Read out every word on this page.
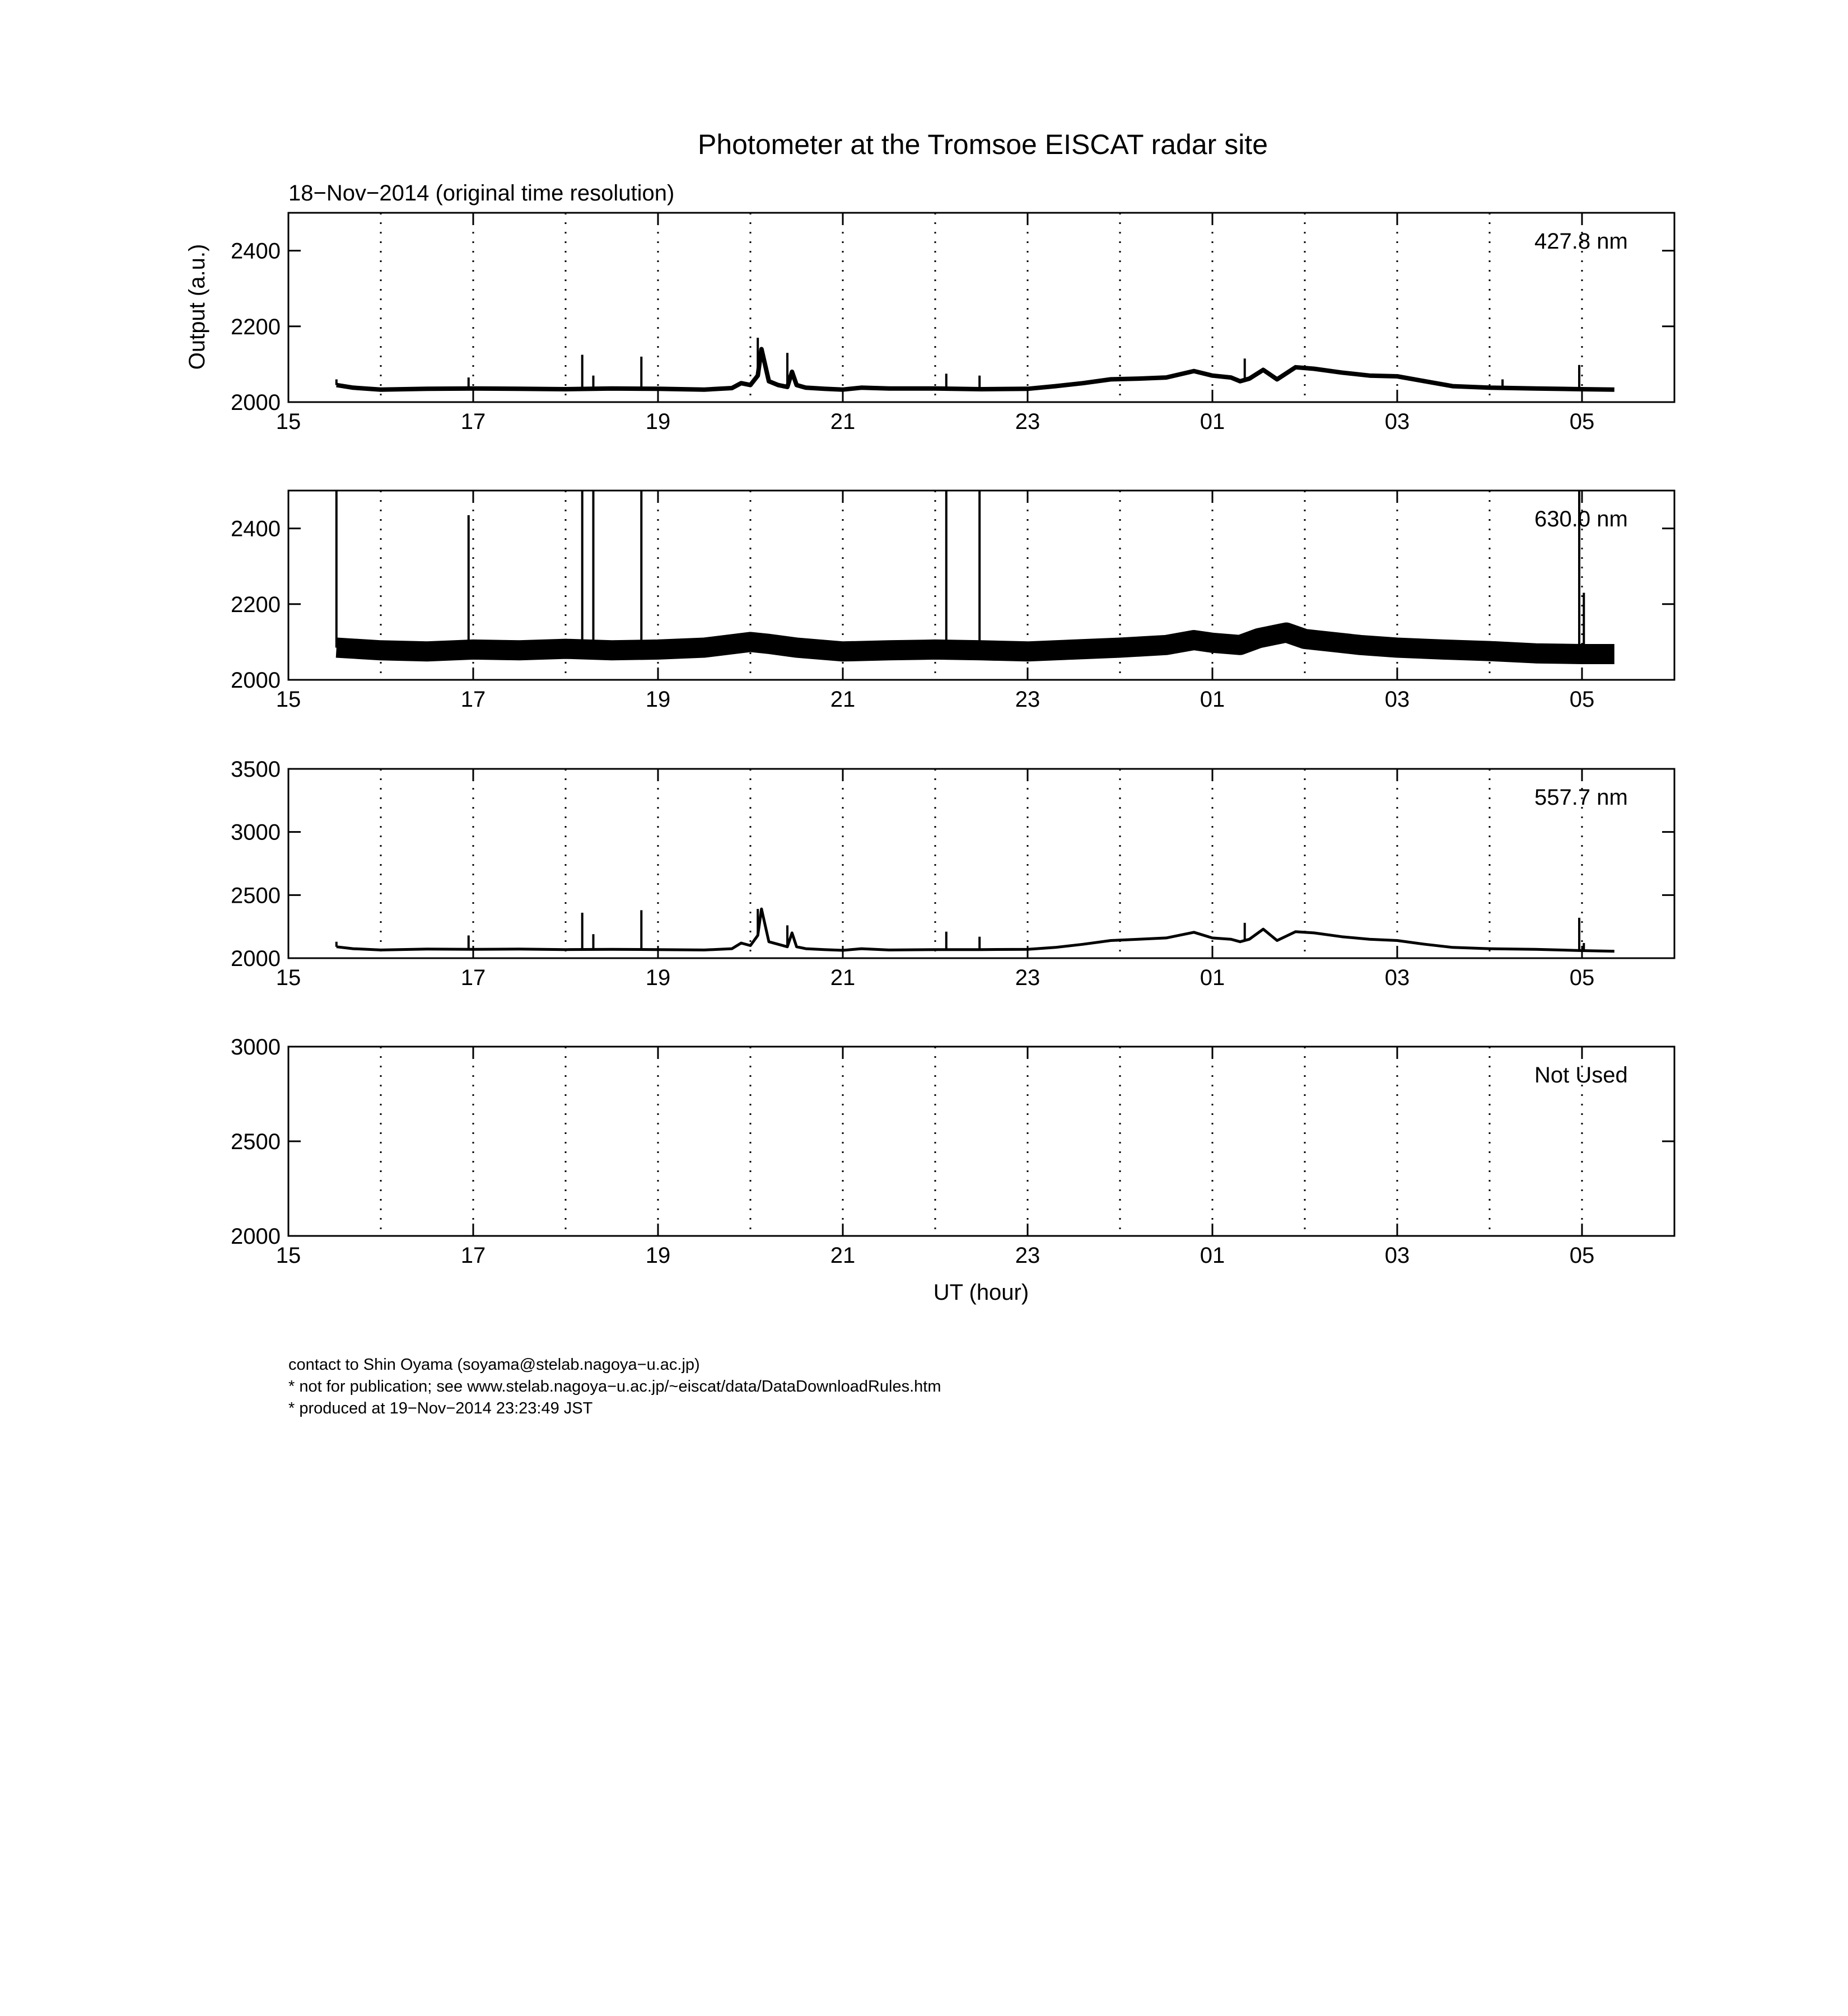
Photometer at the Tromsoe EISCAT radar site
18−Nov−2014 (original time resolution)
Output (a.u.)
UT (hour)
2000
2200
2400
15	17	19	21	23	01	03	05
427.8 nm
2000
2200
2400
15	17	19	21	23	01	03	05
630.0 nm
2000
2500
3000
3500
15	17	19	21	23	01	03	05
557.7 nm
2000
2500
3000
15	17	19	21	23	01	03	05
Not Used
contact to Shin Oyama (soyama@stelab.nagoya−u.ac.jp)
* not for publication; see www.stelab.nagoya−u.ac.jp/~eiscat/data/DataDownloadRules.htm
* produced at 19−Nov−2014 23:23:49 JST
